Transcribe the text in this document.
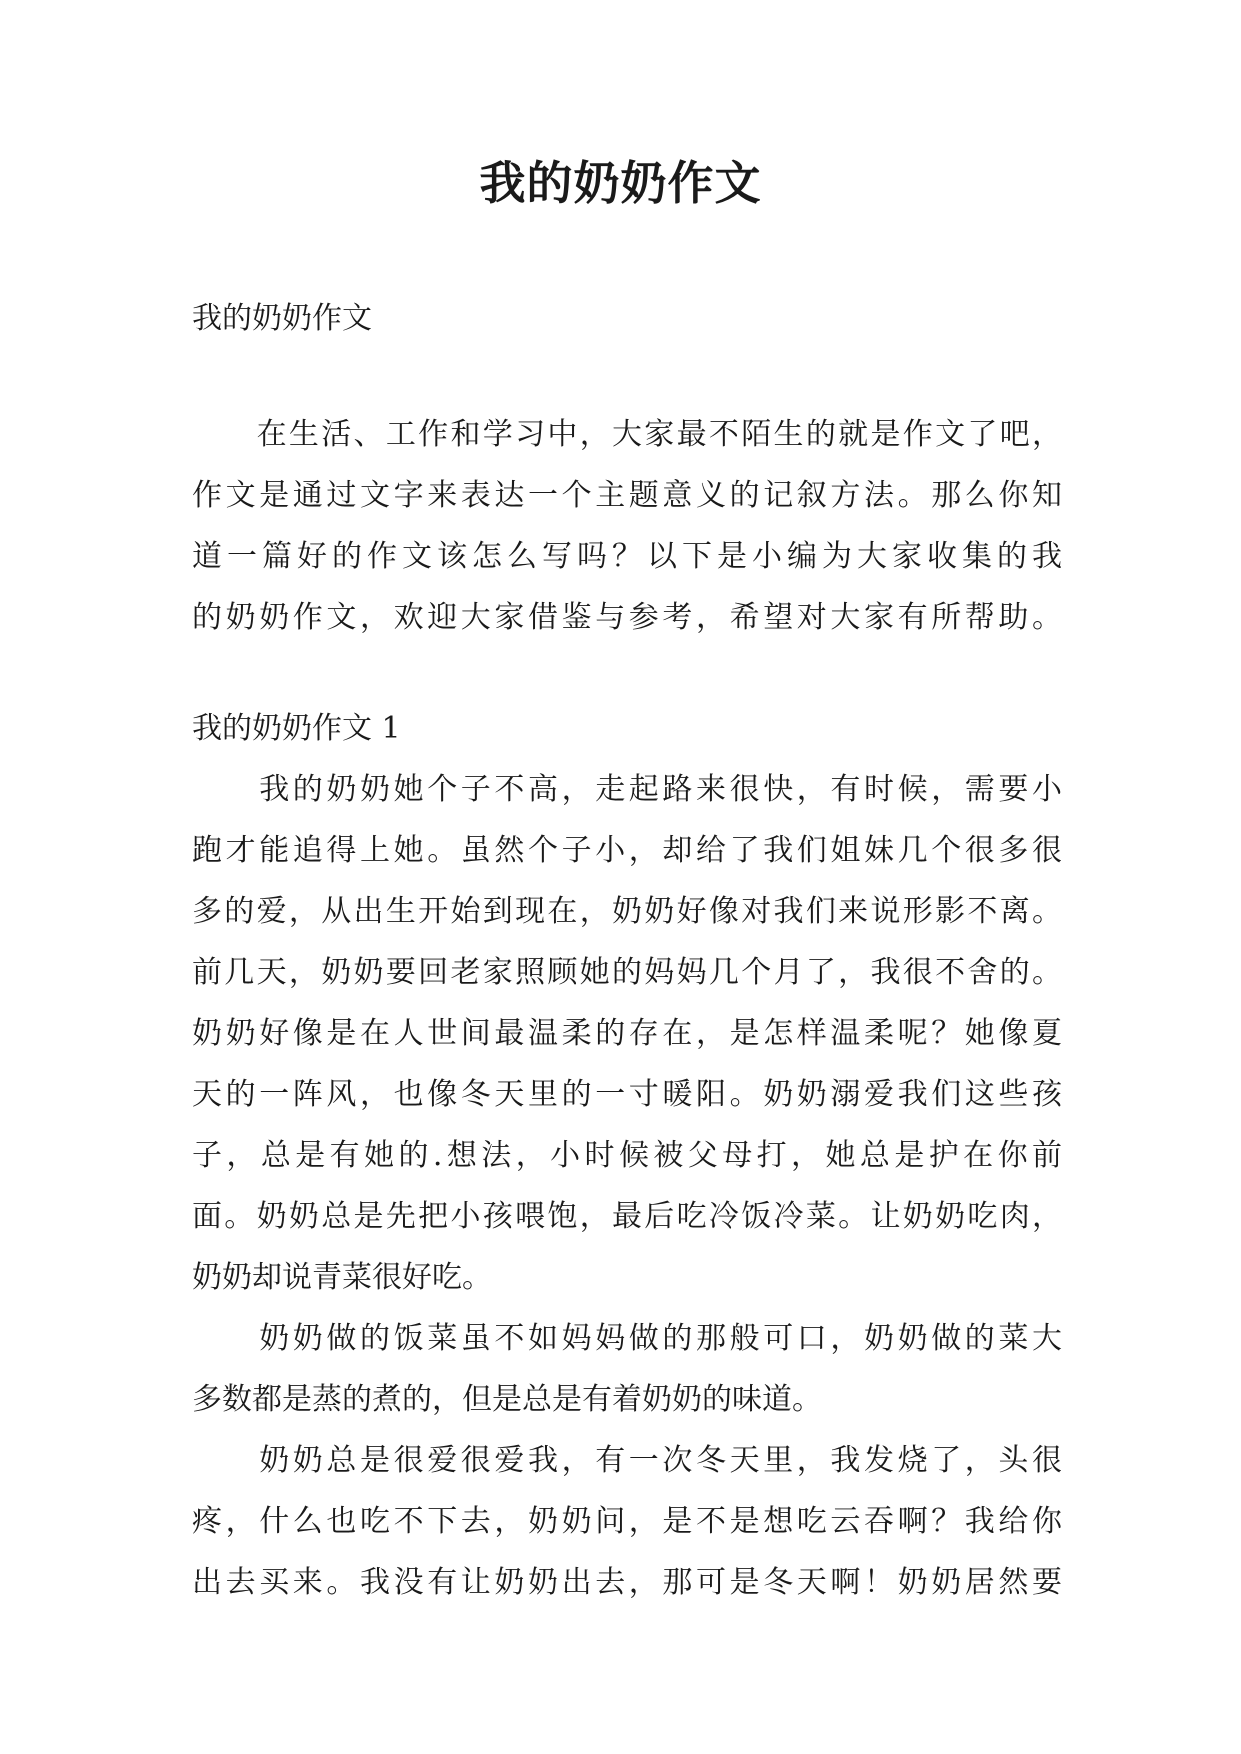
我的奶奶作文
我的奶奶作文
　　在生活、工作和学习中，大家最不陌生的就是作文了吧，
作文是通过文字来表达一个主题意义的记叙方法。那么你知
道一篇好的作文该怎么写吗？以下是小编为大家收集的我
的奶奶作文，欢迎大家借鉴与参考，希望对大家有所帮助。
我的奶奶作文 1
　　我的奶奶她个子不高，走起路来很快，有时候，需要小
跑才能追得上她。虽然个子小，却给了我们姐妹几个很多很
多的爱，从出生开始到现在，奶奶好像对我们来说形影不离。
前几天，奶奶要回老家照顾她的妈妈几个月了，我很不舍的。
奶奶好像是在人世间最温柔的存在，是怎样温柔呢？她像夏
天的一阵风，也像冬天里的一寸暖阳。奶奶溺爱我们这些孩
子，总是有她的.想法，小时候被父母打，她总是护在你前
面。奶奶总是先把小孩喂饱，最后吃冷饭冷菜。让奶奶吃肉，
奶奶却说青菜很好吃。
　　奶奶做的饭菜虽不如妈妈做的那般可口，奶奶做的菜大
多数都是蒸的煮的，但是总是有着奶奶的味道。
　　奶奶总是很爱很爱我，有一次冬天里，我发烧了，头很
疼，什么也吃不下去，奶奶问，是不是想吃云吞啊？我给你
出去买来。我没有让奶奶出去，那可是冬天啊！奶奶居然要
